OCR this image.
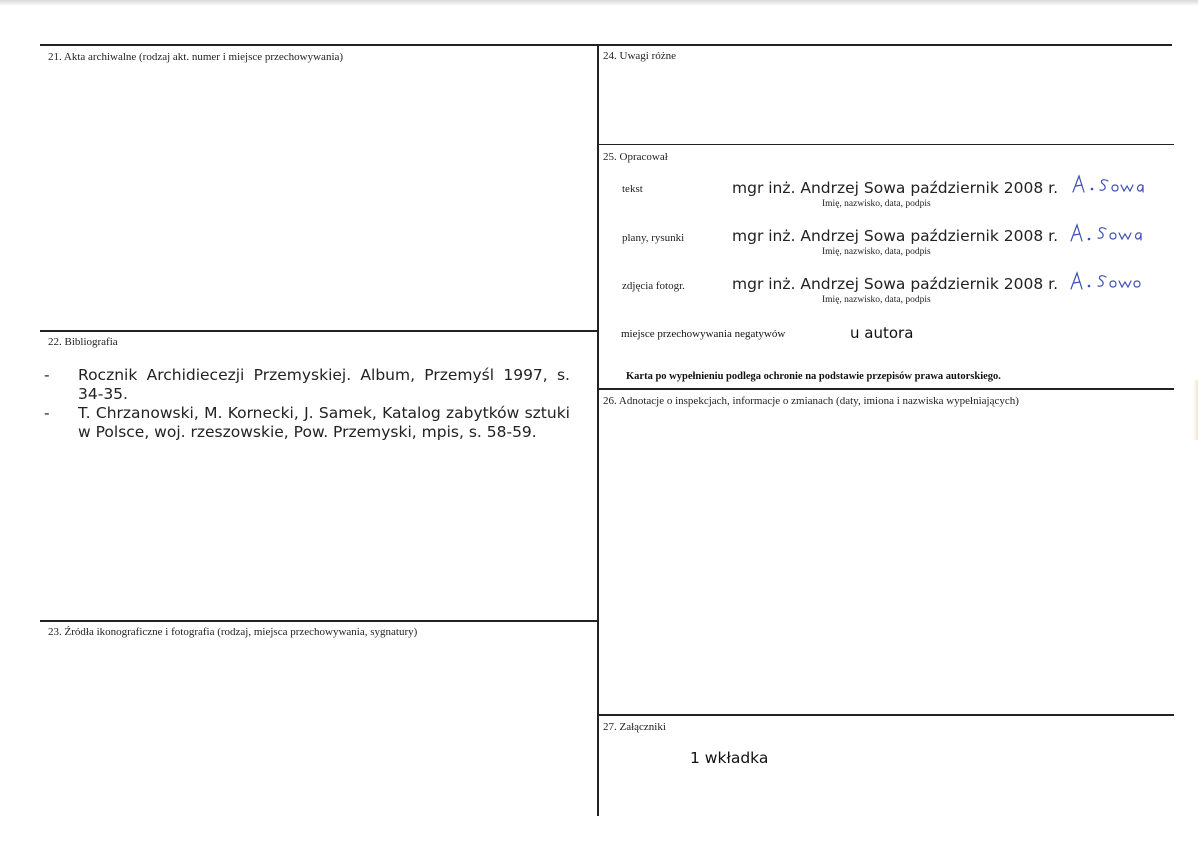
21. Akta archiwalne (rodzaj akt. numer i miejsce przechowywania)
22. Bibliografia
- Rocznik Archidiecezji Przemyskiej. Album, Przemyśl 1997, s. 34-35.
- T. Chrzanowski, M. Kornecki, J. Samek, Katalog zabytków sztuki w Polsce, woj. rzeszowskie, Pow. Przemyski, mpis, s. 58-59.
23. Źródła ikonograficzne i fotografia (rodzaj, miejsca przechowywania, sygnatury)
24. Uwagi różne
25. Opracował
tekst	mgr inż. Andrzej Sowa październik 2008 r.
Imię, nazwisko, data, podpis
plany, rysunki	mgr inż. Andrzej Sowa październik 2008 r.
Imię, nazwisko, data, podpis
zdjęcia fotogr.	mgr inż. Andrzej Sowa październik 2008 r.
Imię, nazwisko, data, podpis
miejsce przechowywania negatywów	u autora
Karta po wypełnieniu podlega ochronie na podstawie przepisów prawa autorskiego.
26. Adnotacje o inspekcjach, informacje o zmianach (daty, imiona i nazwiska wypełniających)
27. Załączniki
1 wkładka
